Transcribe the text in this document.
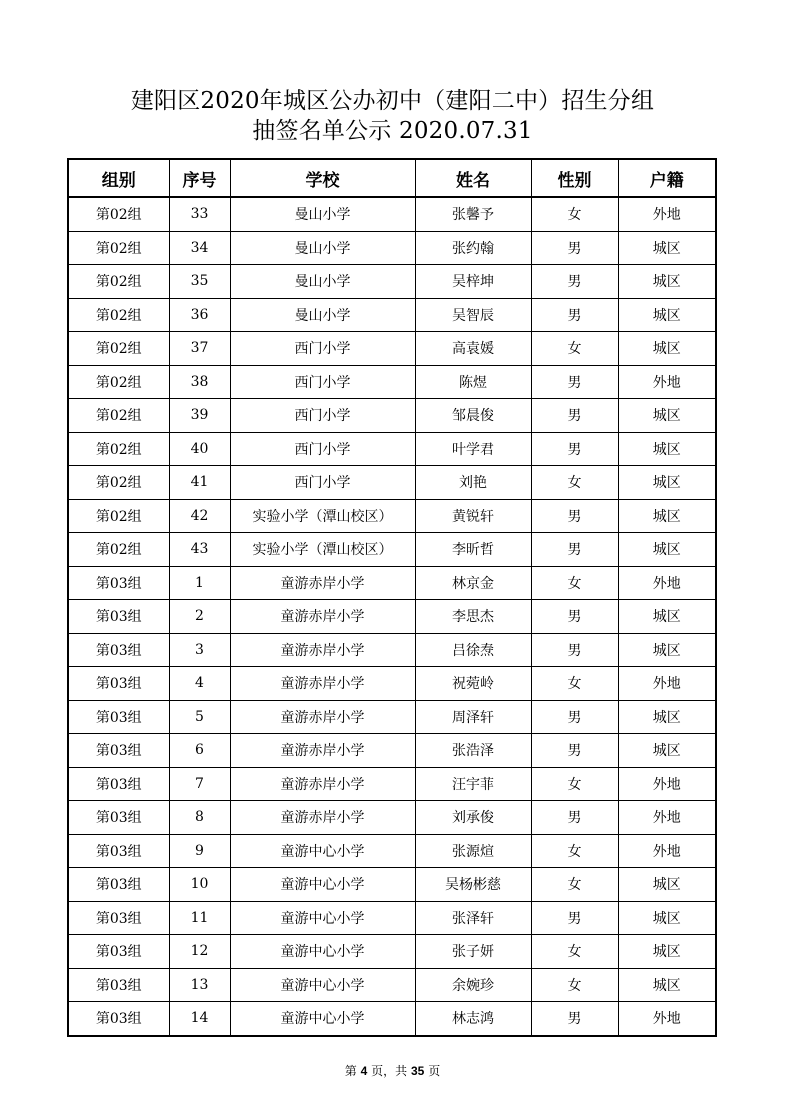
建阳区2020年城区公办初中（建阳二中）招生分组
抽签名单公示 2020.07.31
组别	序号	学校	姓名	性别	户籍
第02组	33	曼山小学	张馨予	女	外地
第02组	34	曼山小学	张约翰	男	城区
第02组	35	曼山小学	吴梓坤	男	城区
第02组	36	曼山小学	吴智辰	男	城区
第02组	37	西门小学	高袁媛	女	城区
第02组	38	西门小学	陈煜	男	外地
第02组	39	西门小学	邹晨俊	男	城区
第02组	40	西门小学	叶学君	男	城区
第02组	41	西门小学	刘艳	女	城区
第02组	42	实验小学（潭山校区）	黄锐轩	男	城区
第02组	43	实验小学（潭山校区）	李昕哲	男	城区
第03组	1	童游赤岸小学	林京金	女	外地
第03组	2	童游赤岸小学	李思杰	男	城区
第03组	3	童游赤岸小学	吕徐焘	男	城区
第03组	4	童游赤岸小学	祝菀岭	女	外地
第03组	5	童游赤岸小学	周泽轩	男	城区
第03组	6	童游赤岸小学	张浩泽	男	城区
第03组	7	童游赤岸小学	汪宇菲	女	外地
第03组	8	童游赤岸小学	刘承俊	男	外地
第03组	9	童游中心小学	张源煊	女	外地
第03组	10	童游中心小学	吴杨彬慈	女	城区
第03组	11	童游中心小学	张泽轩	男	城区
第03组	12	童游中心小学	张子妍	女	城区
第03组	13	童游中心小学	余婉珍	女	城区
第03组	14	童游中心小学	林志鸿	男	外地
第 4 页，共 35 页
